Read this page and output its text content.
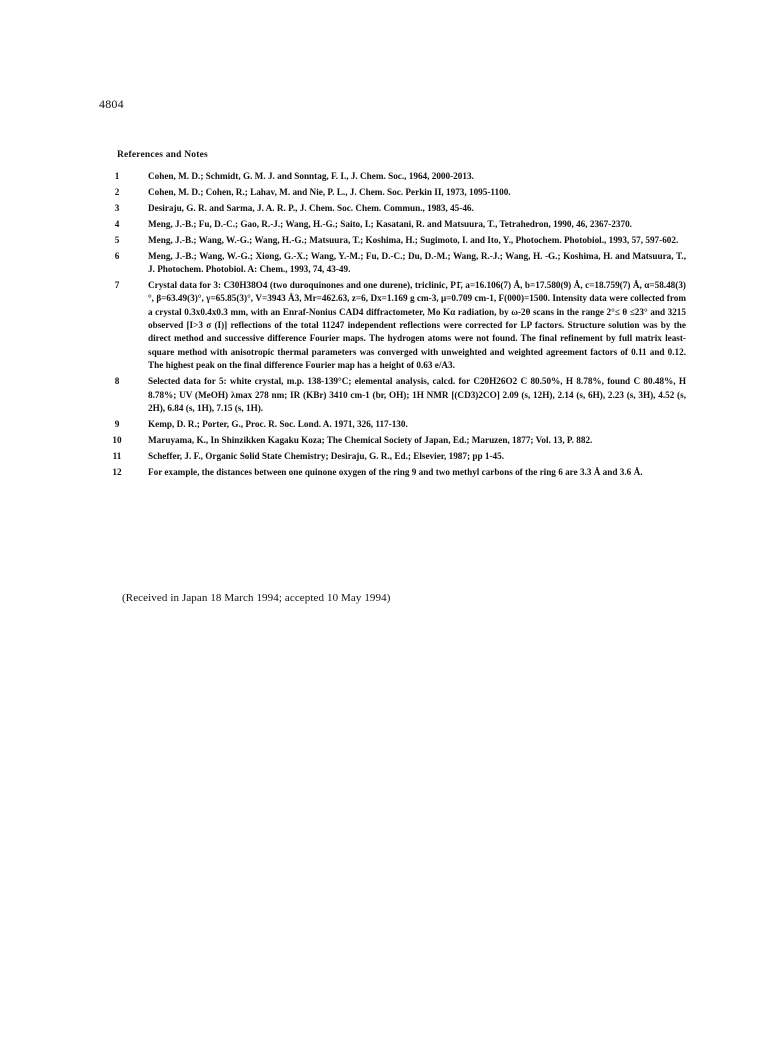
4804
References and Notes
1	Cohen, M. D.; Schmidt, G. M. J. and Sonntag, F. I., J. Chem. Soc., 1964, 2000-2013.
2	Cohen, M. D.; Cohen, R.; Lahav, M. and Nie, P. L., J. Chem. Soc. Perkin II, 1973, 1095-1100.
3	Desiraju, G. R. and Sarma, J. A. R. P., J. Chem. Soc. Chem. Commun., 1983, 45-46.
4	Meng, J.-B.; Fu, D.-C.; Gao, R.-J.; Wang, H.-G.; Saito, I.; Kasatani, R. and Matsuura, T., Tetrahedron, 1990, 46, 2367-2370.
5	Meng, J.-B.; Wang, W.-G.; Wang, H.-G.; Matsuura, T.; Koshima, H.; Sugimoto, I. and Ito, Y., Photochem. Photobiol., 1993, 57, 597-602.
6	Meng, J.-B.; Wang, W.-G.; Xiong, G.-X.; Wang, Y.-M.; Fu, D.-C.; Du, D.-M.; Wang, R.-J.; Wang, H. -G.; Koshima, H. and Matsuura, T., J. Photochem. Photobiol. A: Chem., 1993, 74, 43-49.
7	Crystal data for 3: C30H38O4 (two duroquinones and one durene), triclinic, P1̄, a=16.106(7) Å, b=17.580(9) Å, c=18.759(7) Å, α=58.48(3)°, β=63.49(3)°, γ=65.85(3)°, V=3943 Å3, Mr=462.63, z=6, Dx=1.169 g cm-3, μ=0.709 cm-1, F(000)=1500. Intensity data were collected from a crystal 0.3x0.4x0.3 mm, with an Enraf-Nonius CAD4 diffractometer, Mo Kα radiation, by ω-2θ scans in the range 2°≤ θ ≤23° and 3215 observed [I>3 σ (I)] reflections of the total 11247 independent reflections were corrected for LP factors. Structure solution was by the direct method and successive difference Fourier maps. The hydrogen atoms were not found. The final refinement by full matrix least-square method with anisotropic thermal parameters was converged with unweighted and weighted agreement factors of 0.11 and 0.12. The highest peak on the final difference Fourier map has a height of 0.63 e/A3.
8	Selected data for 5: white crystal, m.p. 138-139°C; elemental analysis, calcd. for C20H26O2 C 80.50%, H 8.78%, found C 80.48%, H 8.78%; UV (MeOH) λmax 278 nm; IR (KBr) 3410 cm-1 (br, OH); 1H NMR [(CD3)2CO] 2.09 (s, 12H), 2.14 (s, 6H), 2.23 (s, 3H), 4.52 (s, 2H), 6.84 (s, 1H), 7.15 (s, 1H).
9	Kemp, D. R.; Porter, G., Proc. R. Soc. Lond. A. 1971, 326, 117-130.
10	Maruyama, K., In Shinzikken Kagaku Koza; The Chemical Society of Japan, Ed.; Maruzen, 1877; Vol. 13, P. 882.
11	Scheffer, J. F., Organic Solid State Chemistry; Desiraju, G. R., Ed.; Elsevier, 1987; pp 1-45.
12	For example, the distances between one quinone oxygen of the ring 9 and two methyl carbons of the ring 6 are 3.3 Å and 3.6 Å.
(Received in Japan 18 March 1994; accepted 10 May 1994)
